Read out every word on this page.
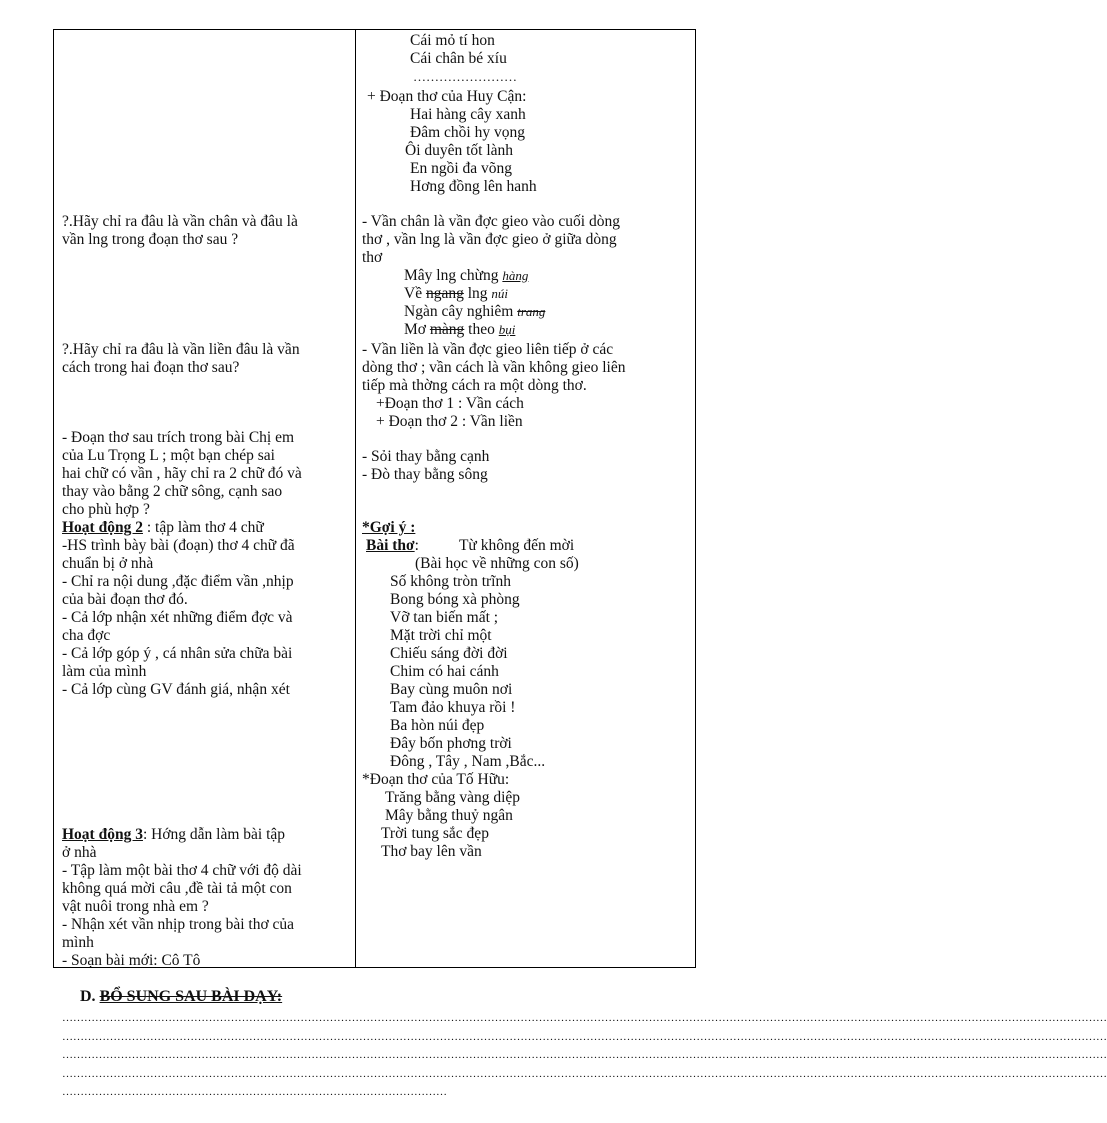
?.Hãy chỉ ra đâu là vần chân và đâu là
vần lng trong đoạn thơ sau ?
?.Hãy chỉ ra đâu là vần liền đâu là vần
cách trong hai đoạn thơ sau?
- Đoạn thơ sau trích trong bài Chị em
của Lu Trọng L ; một bạn chép sai
hai chữ có vần , hãy chỉ ra 2 chữ đó và
thay vào bằng 2 chữ sông, cạnh sao
cho phù hợp ?
Hoạt động 2 : tập làm thơ 4 chữ
-HS trình bày bài (đoạn) thơ 4 chữ đã
chuẩn bị ở nhà
- Chỉ ra nội dung ,đặc điểm vần ,nhịp
của bài đoạn thơ đó.
- Cả lớp nhận xét những điểm đợc và
cha đợc
- Cả lớp góp ý , cá nhân sửa chữa bài
làm của mình
- Cả lớp cùng GV đánh giá, nhận xét
Hoạt động 3: Hớng dẫn làm bài tập
ở nhà
- Tập làm một bài thơ 4 chữ với độ dài
không quá mời câu ,đề tài tả một con
vật nuôi trong nhà em ?
- Nhận xét vần nhịp trong bài thơ của
mình
- Soạn bài mới: Cô Tô
Cái mỏ tí hon
Cái chân bé xíu
……………………
+ Đoạn thơ của Huy Cận:
Hai hàng cây xanh
Đâm chồi hy vọng
Ôi duyên tốt lành
En ngồi đa võng
Hơng đồng lên hanh
- Vần chân là vần đợc gieo vào cuối dòng
thơ , vần lng là vần đợc gieo ở giữa dòng
thơ
Mây lng chừng hàng
Về ngang lng núi
Ngàn cây nghiêm trang
Mơ màng theo bụi
- Vần liền là vần đợc gieo liên tiếp ở các
dòng thơ ; vần cách là vần không gieo liên
tiếp mà thờng cách ra một dòng thơ.
+Đoạn thơ 1 : Vần cách
+ Đoạn thơ 2 : Vần liền
- Sỏi thay bằng cạnh
- Đò thay bằng sông
*Gợi ý :
Bài thơ:	Từ không đến mời
(Bài học về những con số)
Số không tròn trĩnh
Bong bóng xà phòng
Vỡ tan biến mất ;
Mặt trời chỉ một
Chiếu sáng đời đời
Chim có hai cánh
Bay cùng muôn nơi
Tam đảo khuya rồi !
Ba hòn núi đẹp
Đây bốn phơng trời
Đông , Tây , Nam ,Bắc...
*Đoạn thơ của Tố Hữu:
Trăng bằng vàng diệp
Mây bằng thuỷ ngân
Trời tung sắc đẹp
Thơ bay lên vần
D. BỔ SUNG SAU BÀI DẠY:
……………………………………………………………………………………………………………………………………………………………………………………………………………………………………………………………
……………………………………………………………………………………………………………………………………………………………………………………………………………………………………………………………
……………………………………………………………………………………………………………………………………………………………………………………………………………………………………………………………
……………………………………………………………………………………………………………………………………………………………………………………………………………………………………………………………
……………………………………………………………………………………………
